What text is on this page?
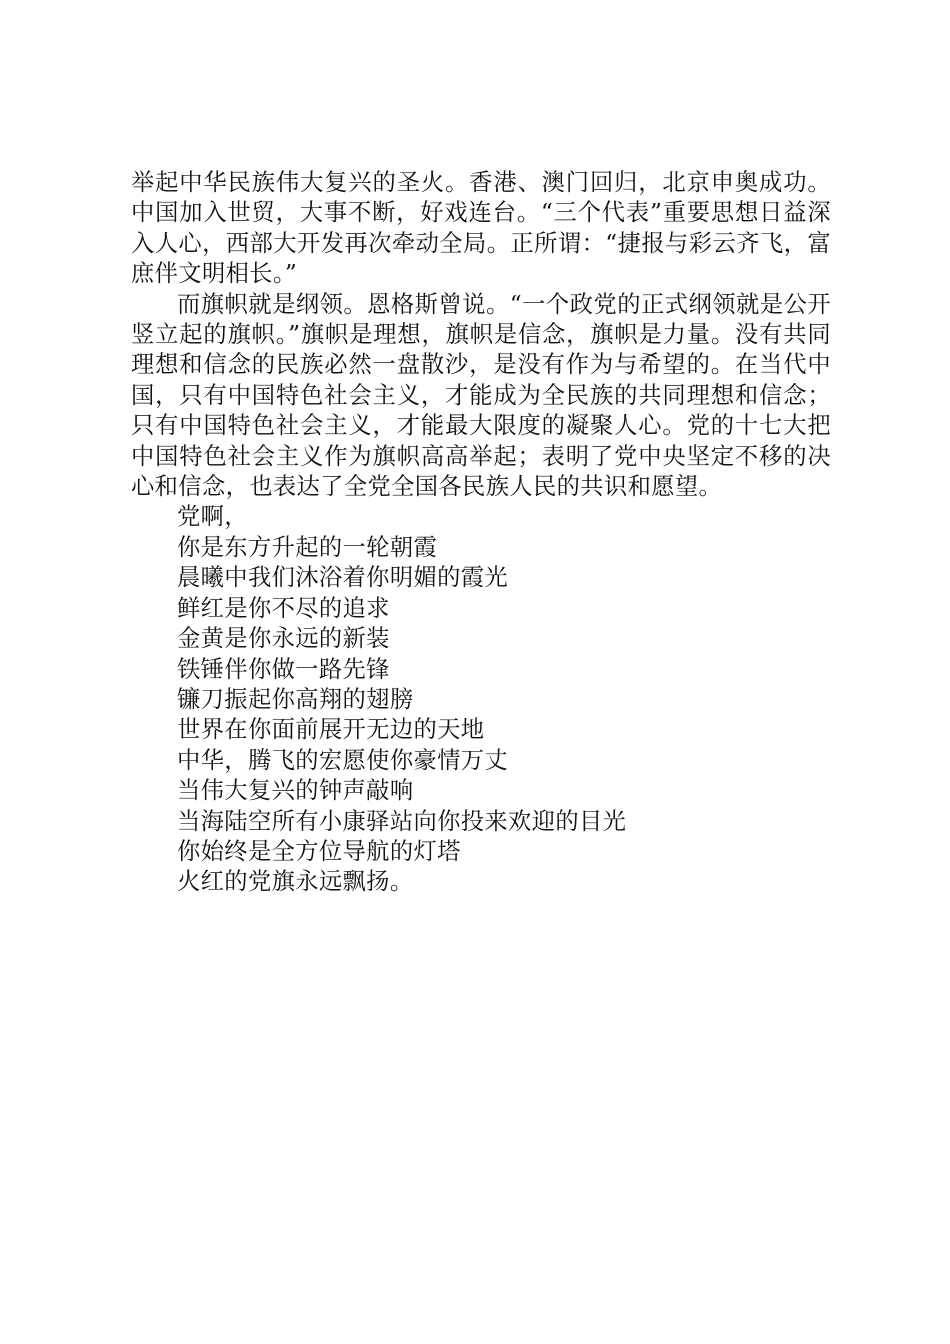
举起中华民族伟大复兴的圣火。香港、澳门回归，北京申奥成功。中国加入世贸，大事不断，好戏连台。“三个代表”重要思想日益深入人心，西部大开发再次牵动全局。正所谓：“捷报与彩云齐飞，富庶伴文明相长。”

而旗帜就是纲领。恩格斯曾说。“一个政党的正式纲领就是公开竖立起的旗帜。”旗帜是理想，旗帜是信念，旗帜是力量。没有共同理想和信念的民族必然一盘散沙，是没有作为与希望的。在当代中国，只有中国特色社会主义，才能成为全民族的共同理想和信念；只有中国特色社会主义，才能最大限度的凝聚人心。党的十七大把中国特色社会主义作为旗帜高高举起；表明了党中央坚定不移的决心和信念，也表达了全党全国各民族人民的共识和愿望。

党啊，
你是东方升起的一轮朝霞
晨曦中我们沐浴着你明媚的霞光
鲜红是你不尽的追求
金黄是你永远的新装
铁锤伴你做一路先锋
镰刀振起你高翔的翅膀
世界在你面前展开无边的天地
中华，腾飞的宏愿使你豪情万丈
当伟大复兴的钟声敲响
当海陆空所有小康驿站向你投来欢迎的目光
你始终是全方位导航的灯塔
火红的党旗永远飘扬。
